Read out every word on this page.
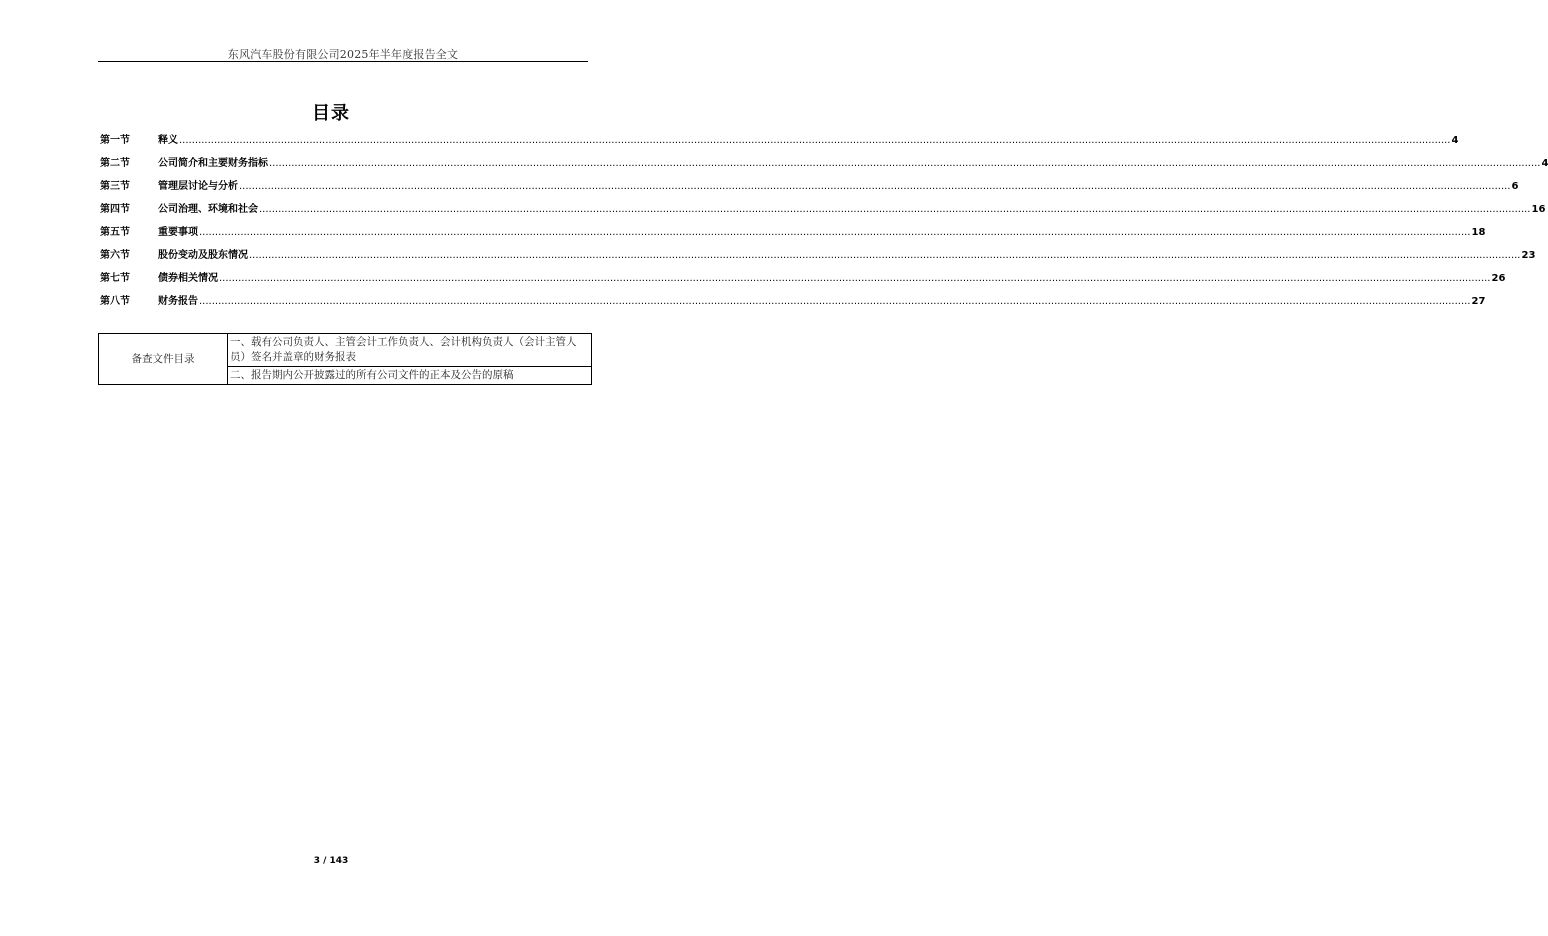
东风汽车股份有限公司2025年半年度报告全文
目录
第一节	释义 ................................................................................................................................................................................................................................................................................................................................................................................................................ 4
第二节	公司简介和主要财务指标 ................................................................................................................................................................................................................................................................................................................................................................................................................ 4
第三节	管理层讨论与分析 ................................................................................................................................................................................................................................................................................................................................................................................................................ 6
第四节	公司治理、环境和社会 ................................................................................................................................................................................................................................................................................................................................................................................................................ 16
第五节	重要事项 ................................................................................................................................................................................................................................................................................................................................................................................................................ 18
第六节	股份变动及股东情况 ................................................................................................................................................................................................................................................................................................................................................................................................................ 23
第七节	债券相关情况 ................................................................................................................................................................................................................................................................................................................................................................................................................ 26
第八节	财务报告 ................................................................................................................................................................................................................................................................................................................................................................................................................ 27
备查文件目录	一、载有公司负责人、主管会计工作负责人、会计机构负责人（会计主管人员）签名并盖章的财务报表
二、报告期内公开披露过的所有公司文件的正本及公告的原稿
3 / 143
